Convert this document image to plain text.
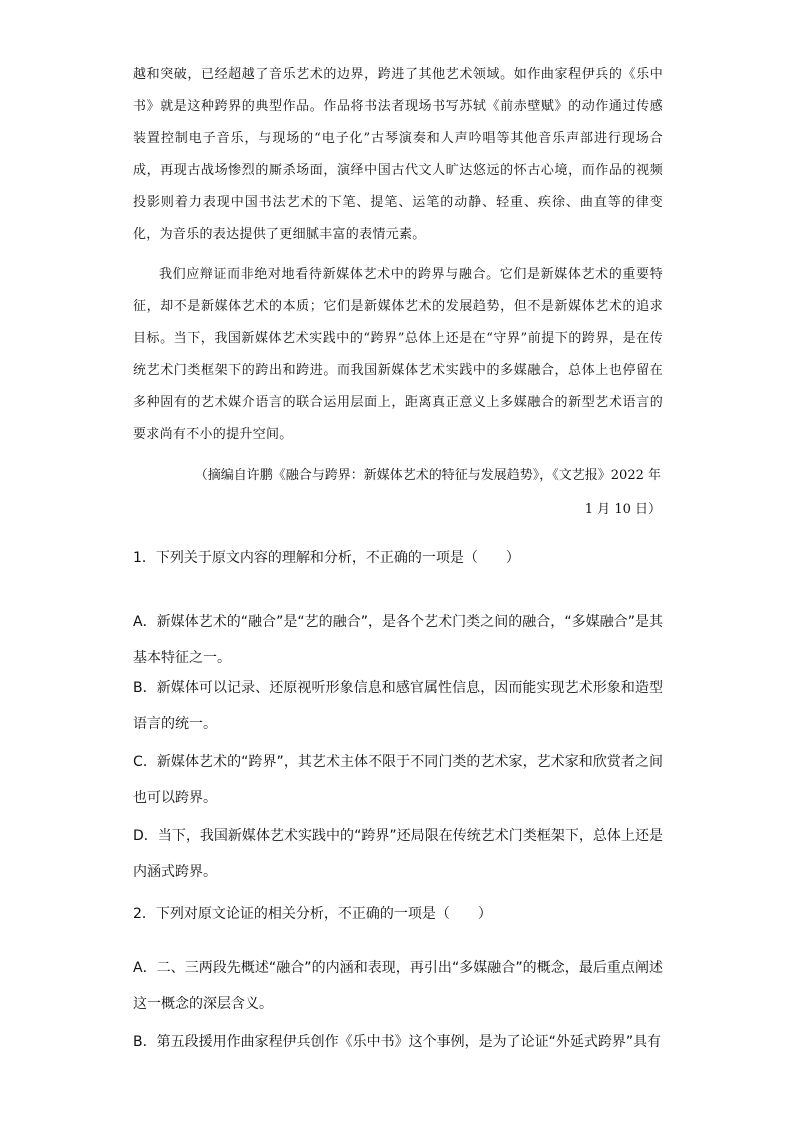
越和突破，已经超越了音乐艺术的边界，跨进了其他艺术领域。如作曲家程伊兵的《乐中书》就是这种跨界的典型作品。作品将书法者现场书写苏轼《前赤壁赋》的动作通过传感装置控制电子音乐，与现场的“电子化”古琴演奏和人声吟唱等其他音乐声部进行现场合成，再现古战场惨烈的厮杀场面，演绎中国古代文人旷达悠远的怀古心境，而作品的视频投影则着力表现中国书法艺术的下笔、提笔、运笔的动静、轻重、疾徐、曲直等的律变化，为音乐的表达提供了更细腻丰富的表情元素。
我们应辩证而非绝对地看待新媒体艺术中的跨界与融合。它们是新媒体艺术的重要特征，却不是新媒体艺术的本质；它们是新媒体艺术的发展趋势，但不是新媒体艺术的追求目标。当下，我国新媒体艺术实践中的“跨界”总体上还是在“守界”前提下的跨界，是在传统艺术门类框架下的跨出和跨进。而我国新媒体艺术实践中的多媒融合，总体上也停留在多种固有的艺术媒介语言的联合运用层面上，距离真正意义上多媒融合的新型艺术语言的要求尚有不小的提升空间。
（摘编自许鹏《融合与跨界：新媒体艺术的特征与发展趋势》，《文艺报》2022 年
1 月 10 日）
1．下列关于原文内容的理解和分析，不正确的一项是（　　）
A．新媒体艺术的“融合”是“艺的融合”，是各个艺术门类之间的融合，“多媒融合”是其基本特征之一。
B．新媒体可以记录、还原视听形象信息和感官属性信息，因而能实现艺术形象和造型语言的统一。
C．新媒体艺术的“跨界”，其艺术主体不限于不同门类的艺术家，艺术家和欣赏者之间也可以跨界。
D．当下，我国新媒体艺术实践中的“跨界”还局限在传统艺术门类框架下，总体上还是内涵式跨界。
2．下列对原文论证的相关分析，不正确的一项是（　　）
A．二、三两段先概述“融合”的内涵和表现，再引出“多媒融合”的概念，最后重点阐述这一概念的深层含义。
B．第五段援用作曲家程伊兵创作《乐中书》这个事例，是为了论证“外延式跨界”具有
